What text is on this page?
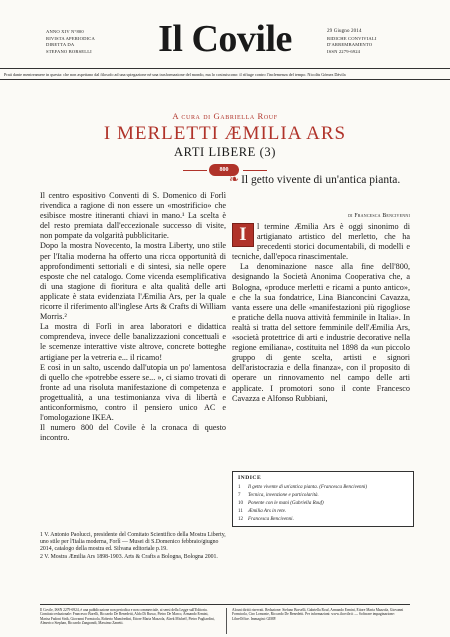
ANNO XIV N°800
RIVISTA APERIODICA
DIRETTA DA
STEFANO BORSELLI	Il Covile	29 Giugno 2014
RIDICHE CONVIVIALI
D'ARREMBAMENTO
ISSN 2279-6924
Prati dante mentreamere in questa: che non aspettano dal filosofo ad una spiegazione né una trasformazione del mondo, ma lo costruiscono: il rifiuge contro l'inclemenza del tempo. Nicolás Gómez Dávila
A cura di Gabriella Rouf
I MERLETTI ÆMILIA ARS
ARTI LIBERE (3)
800

Il centro espositivo Conventi di S. Domenico di Forlì rivendica a ragione di non essere un «mostrificio» che esibisce mostre itineranti chiavi in mano.¹ La scelta è del resto premiata dall'eccezionale successo di visite, non pompate da volgarità pubblicitarie.

Dopo la mostra Novecento, la mostra Liberty, uno stile per l'Italia moderna ha offerto una ricca opportunità di approfondimenti settoriali e di sintesi, sia nelle opere esposte che nel catalogo. Come vicenda esemplificativa di una stagione di fioritura e alta qualità delle arti applicate è stata evidenziata l'Æmilia Ars, per la quale ricorre il riferimento all'inglese Arts & Crafts di William Morris.²

La mostra di Forlì in area laboratori e didattica comprendeva, invece delle banalizzazioni concettuali e le scemenze interattive viste altrove, concrete botteghe artigiane per la vetreria e... il ricamo!

E così in un salto, uscendo dall'utopia un po' lamentosa di quello che «potrebbe essere se... », ci siamo trovati di fronte ad una risoluta manifestazione di competenza e progettualità, a una testimonianza viva di libertà e anticonformismo, contro il pensiero unico AC e l'omologazione IKEA.

Il numero 800 del Covile è la cronaca di questo incontro.

❧ Il getto vivente di un'antica pianta.
di Francesca Bencivenni

I	l termine Æmilia Ars è oggi sinonimo di artigianato artistico del merletto, che ha precedenti storici documentabili, di modelli e tecniche, dall'epoca rinascimentale.

La denominazione nasce alla fine dell'800, designando la Società Anonima Cooperativa che, a Bologna, «produce merletti e ricami a punto antico», e che la sua fondatrice, Lina Bianconcini Cavazza, vanta essere una delle «manifestazioni più rigogliose e pratiche della nuova attività femminile in Italia». In realtà si tratta del settore femminile dell'Æmilia Ars, «società protettrice di arti e industrie decorative nella regione emiliana», costituita nel 1898 da «un piccolo gruppo di gente scelta, artisti e signori dell'aristocrazia e della finanza», con il proposito di operare un rinnovamento nel campo delle arti applicate. I promotori sono il conte Francesco Cavazza e Alfonso Rubbiani,

INDICE
1 Il getto vivente di un'antica pianta. (Francesca Bencivenni)
7 Tecnica, invenzione e particolarità.
10 Ponente con le mani (Gabriella Rouf)
11 Æmilia Ars in rete.
12 Francesca Bencivenni.

1 V. Antonio Paolucci, presidente del Comitato Scientifico della Mostra Liberty, uno stile per l'Italia moderna, Forlì — Musei di S.Domenico febbraio/giugno 2014, catalogo della mostra ed. Silvana editoriale p.19.

2 V. Mostra Æmilia Ars 1898-1903. Arts & Crafts a Bologna, Bologna 2001.

Il Covile, ISSN 2279-6924, è una pubblicazione non periodica e non commerciale, ai sensi della Legge sull'Editoria. Comitato redazionale: Francesco Borelli, Riccardo De Benedetti, Aldo Di Russo, Pietro De Marco, Armando Ermini, Marisa Fadoni Strik, Giovanni Formicola, Roberto Mamfredini, Ettore Maria Mazzola, Alzek Misheff, Pietro Pagliardini, Almerico Stephan, Riccardo Zangrandi, Massimo Zanetti.
Alcuni diritti riservati. Redazione: Stefano Borselli, Gabriella Rouf, Armando Ermini, Ettore Maria Mazzola, Giovanni Formicola, Ciro Lomonte, Riccardo De Benedetti. Per informazioni: www.ilcovile.it — Software impaginazione: LibreOffice. Immagini: GIMP.
